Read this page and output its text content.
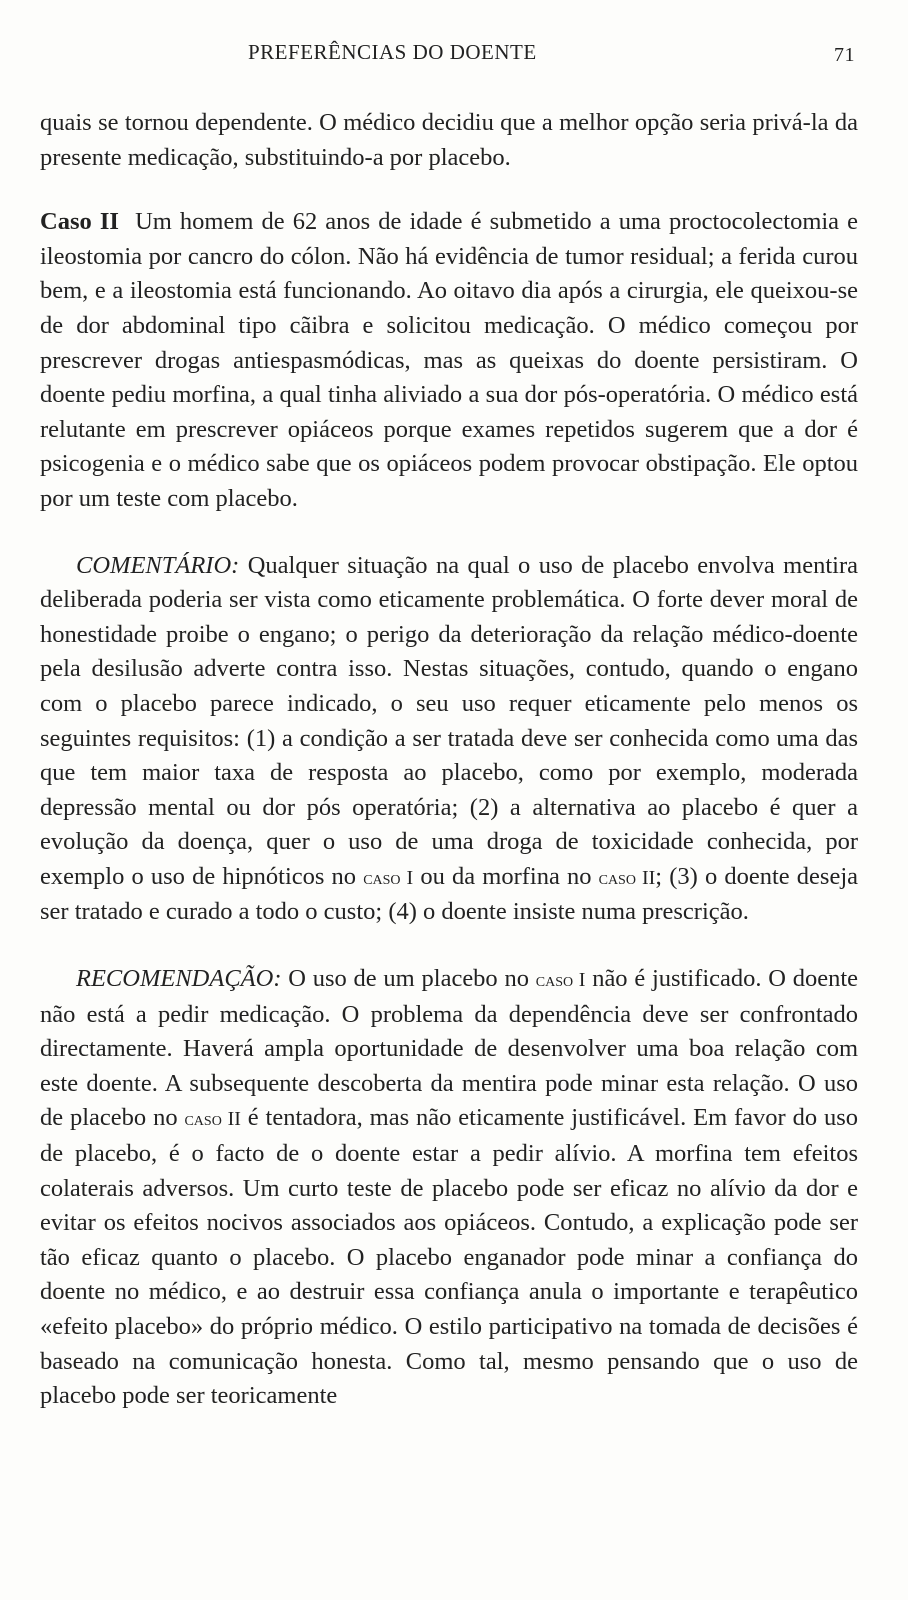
PREFERÊNCIAS DO DOENTE	71

quais se tornou dependente. O médico decidiu que a melhor opção seria privá-la da presente medicação, substituindo-a por placebo.

Caso II Um homem de 62 anos de idade é submetido a uma proctocolectomia e ileostomia por cancro do cólon. Não há evidência de tumor residual; a ferida curou bem, e a ileostomia está funcionando. Ao oitavo dia após a cirurgia, ele queixou-se de dor abdominal tipo cãibra e solicitou medicação. O médico começou por prescrever drogas antiespasmódicas, mas as queixas do doente persistiram. O doente pediu morfina, a qual tinha aliviado a sua dor pós-operatória. O médico está relutante em prescrever opiáceos porque exames repetidos sugerem que a dor é psicogenia e o médico sabe que os opiáceos podem provocar obstipação. Ele optou por um teste com placebo.

COMENTÁRIO: Qualquer situação na qual o uso de placebo envolva mentira deliberada poderia ser vista como eticamente problemática. O forte dever moral de honestidade proibe o engano; o perigo da deterioração da relação médico-doente pela desilusão adverte contra isso. Nestas situações, contudo, quando o engano com o placebo parece indicado, o seu uso requer eticamente pelo menos os seguintes requisitos: (1) a condição a ser tratada deve ser conhecida como uma das que tem maior taxa de resposta ao placebo, como por exemplo, moderada depressão mental ou dor pós operatória; (2) a alternativa ao placebo é quer a evolução da doença, quer o uso de uma droga de toxicidade conhecida, por exemplo o uso de hipnóticos no caso I ou da morfina no caso II; (3) o doente deseja ser tratado e curado a todo o custo; (4) o doente insiste numa prescrição.

RECOMENDAÇÃO: O uso de um placebo no caso I não é justificado. O doente não está a pedir medicação. O problema da dependência deve ser confrontado directamente. Haverá ampla oportunidade de desenvolver uma boa relação com este doente. A subsequente descoberta da mentira pode minar esta relação. O uso de placebo no caso II é tentadora, mas não eticamente justificável. Em favor do uso de placebo, é o facto de o doente estar a pedir alívio. A morfina tem efeitos colaterais adversos. Um curto teste de placebo pode ser eficaz no alívio da dor e evitar os efeitos nocivos associados aos opiáceos. Contudo, a explicação pode ser tão eficaz quanto o placebo. O placebo enganador pode minar a confiança do doente no médico, e ao destruir essa confiança anula o importante e terapêutico «efeito placebo» do próprio médico. O estilo participativo na tomada de decisões é baseado na comunicação honesta. Como tal, mesmo pensando que o uso de placebo pode ser teoricamente
